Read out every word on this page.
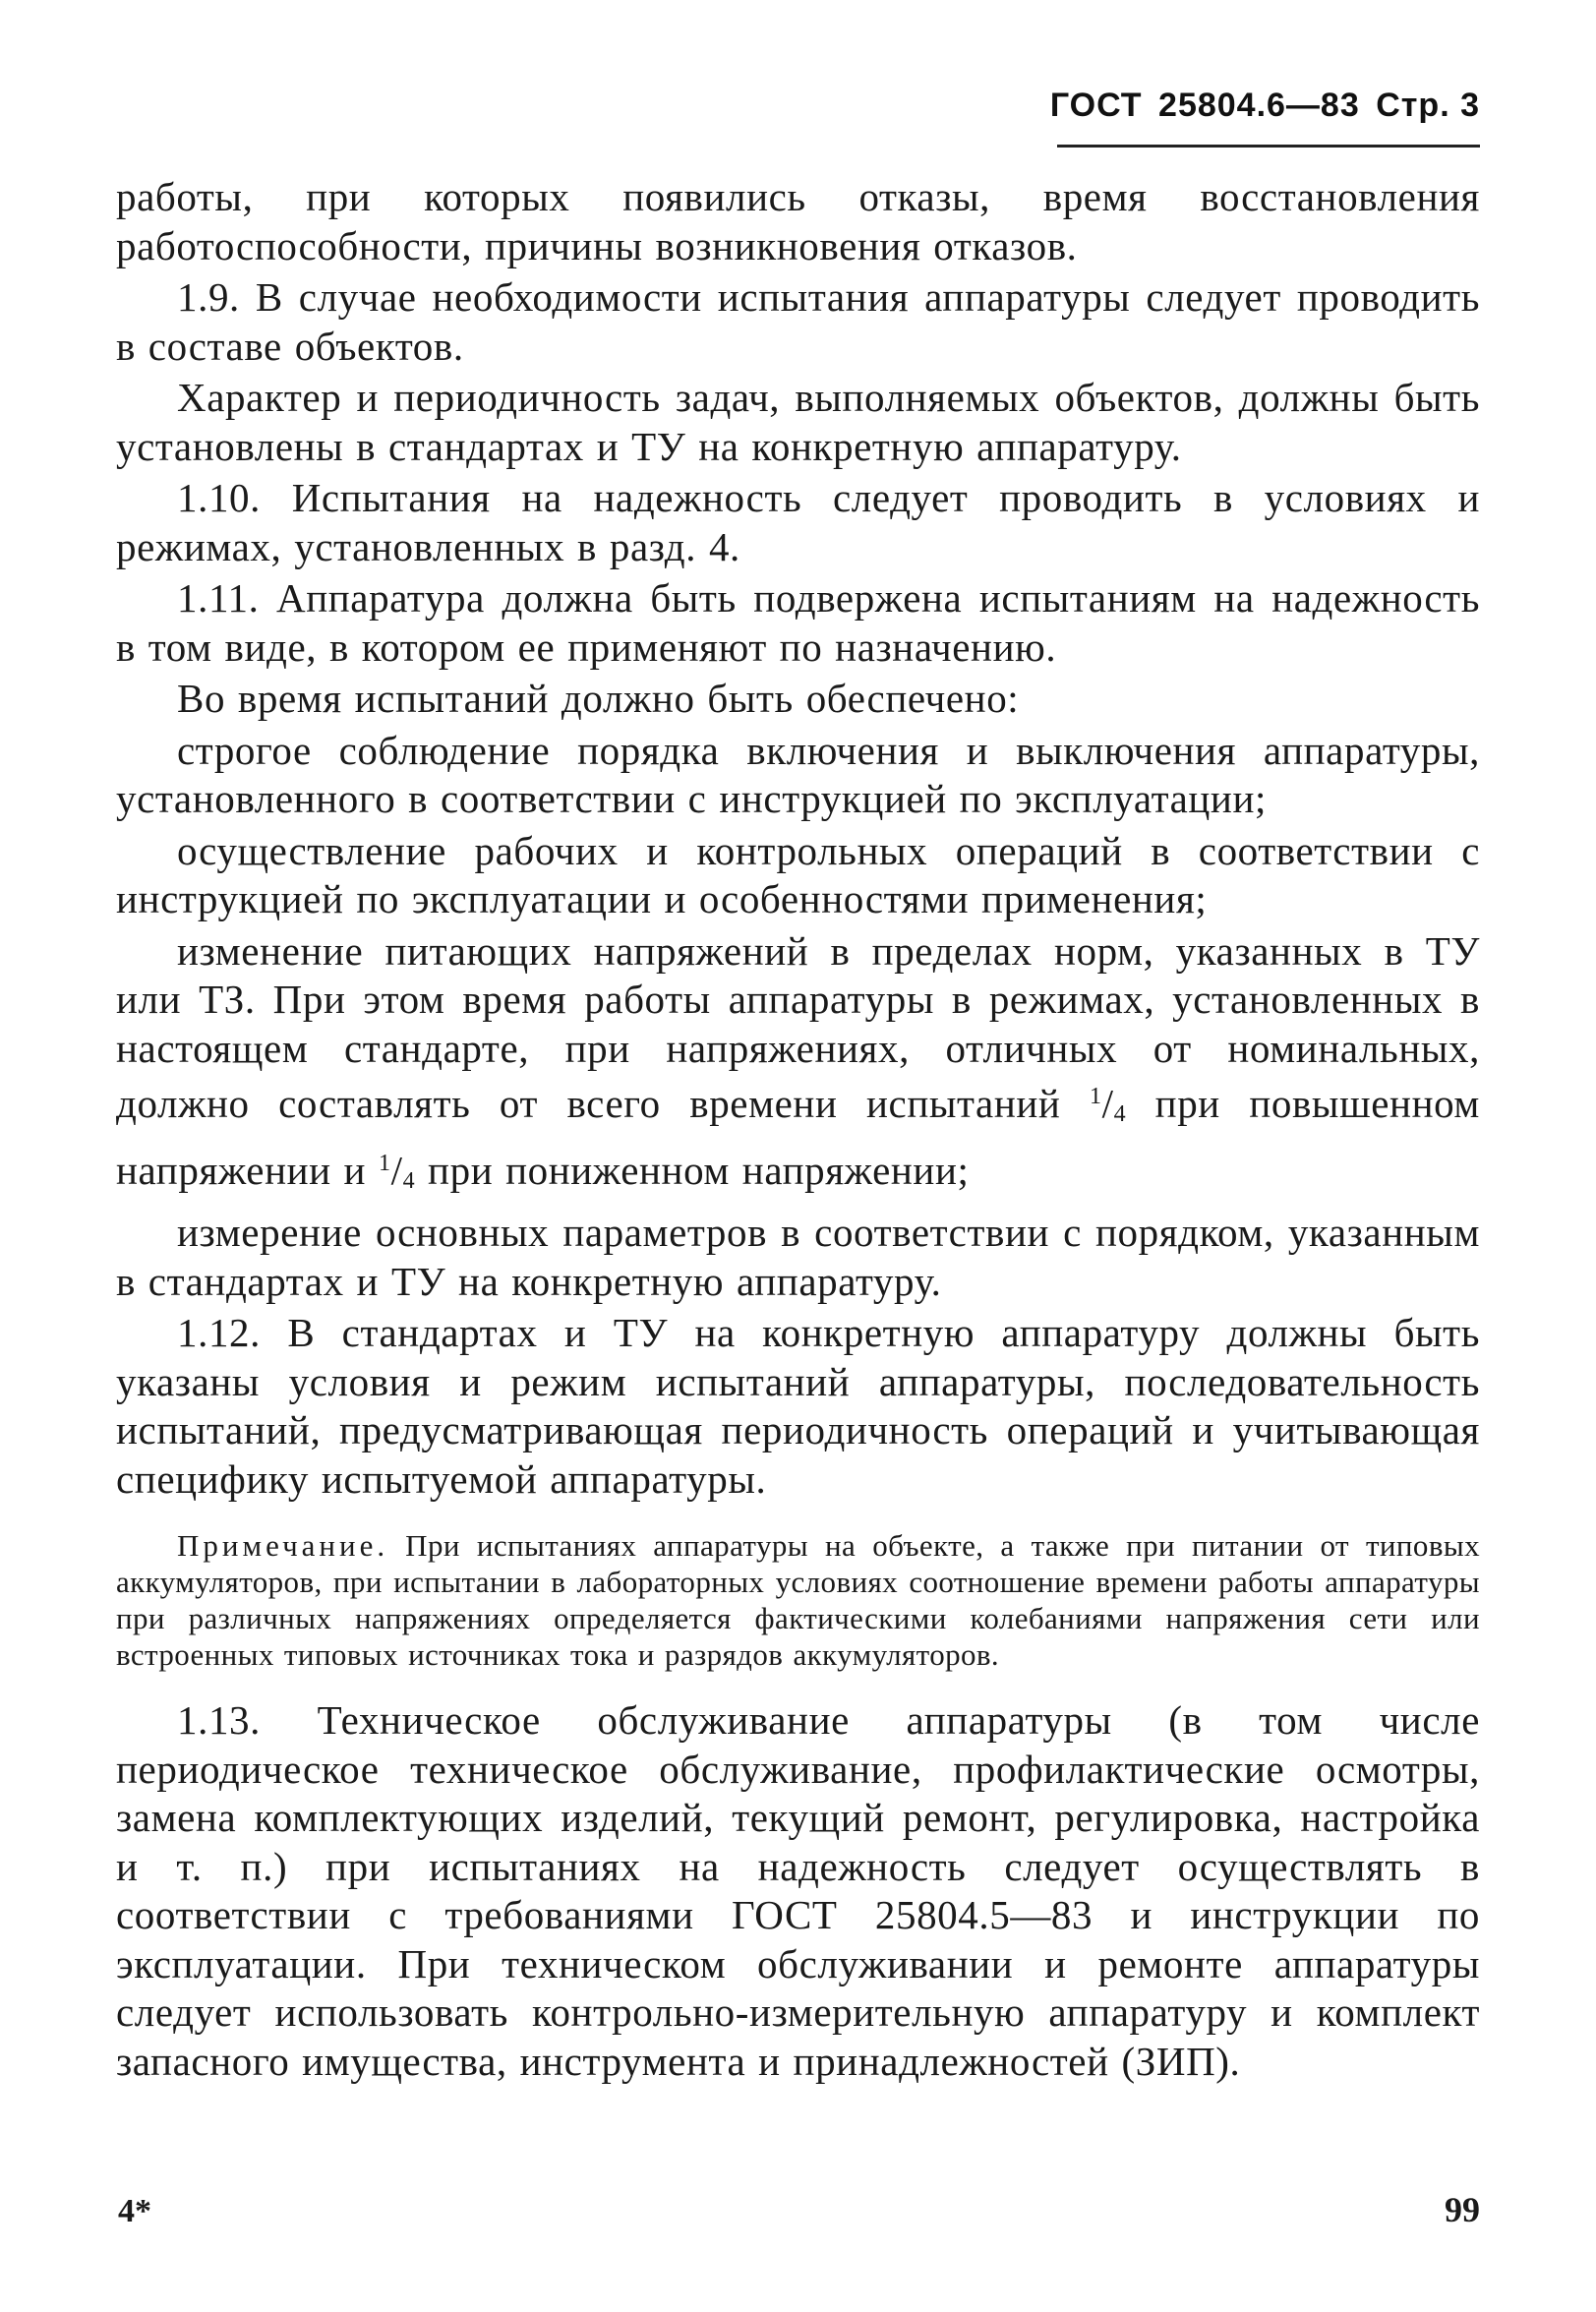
ГОСТ 25804.6—83 Стр. 3

работы, при которых появились отказы, время восстановления работоспособности, причины возникновения отказов.

1.9. В случае необходимости испытания аппаратуры следует проводить в составе объектов.

Характер и периодичность задач, выполняемых объектов, должны быть установлены в стандартах и ТУ на конкретную аппаратуру.

1.10. Испытания на надежность следует проводить в условиях и режимах, установленных в разд. 4.

1.11. Аппаратура должна быть подвержена испытаниям на надежность в том виде, в котором ее применяют по назначению.

Во время испытаний должно быть обеспечено:

строгое соблюдение порядка включения и выключения аппаратуры, установленного в соответствии с инструкцией по эксплуатации;

осуществление рабочих и контрольных операций в соответствии с инструкцией по эксплуатации и особенностями применения;

изменение питающих напряжений в пределах норм, указанных в ТУ или ТЗ. При этом время работы аппаратуры в режимах, установленных в настоящем стандарте, при напряжениях, отличных от номинальных, должно составлять от всего времени испытаний $^1/_4$ при повышенном напряжении и $^1/_4$ при пониженном напряжении;

измерение основных параметров в соответствии с порядком, указанным в стандартах и ТУ на конкретную аппаратуру.

1.12. В стандартах и ТУ на конкретную аппаратуру должны быть указаны условия и режим испытаний аппаратуры, последовательность испытаний, предусматривающая периодичность операций и учитывающая специфику испытуемой аппаратуры.

Примечание. При испытаниях аппаратуры на объекте, а также при питании от типовых аккумуляторов, при испытании в лабораторных условиях соотношение времени работы аппаратуры при различных напряжениях определяется фактическими колебаниями напряжения сети или встроенных типовых источниках тока и разрядов аккумуляторов.

1.13. Техническое обслуживание аппаратуры (в том числе периодическое техническое обслуживание, профилактические осмотры, замена комплектующих изделий, текущий ремонт, регулировка, настройка и т. п.) при испытаниях на надежность следует осуществлять в соответствии с требованиями ГОСТ 25804.5—83 и инструкции по эксплуатации. При техническом обслуживании и ремонте аппаратуры следует использовать контрольно-измерительную аппаратуру и комплект запасного имущества, инструмента и принадлежностей (ЗИП).

4*	99
